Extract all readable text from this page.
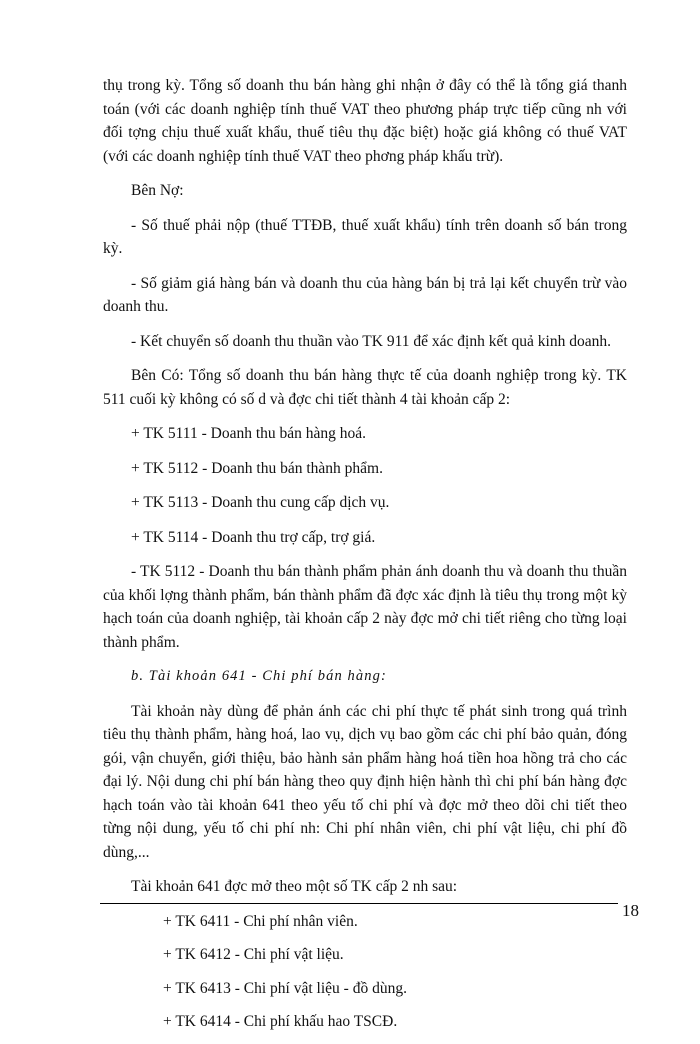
thụ trong kỳ. Tổng số doanh thu bán hàng ghi nhận ở đây có thể là tổng giá thanh toán (với các doanh nghiệp tính thuế VAT theo phương pháp trực tiếp cũng nh với đối tợng chịu thuế xuất khẩu, thuế tiêu thụ đặc biệt) hoặc giá không có thuế VAT (với các doanh nghiệp tính thuế VAT theo phơng pháp khấu trừ).

Bên Nợ:

- Số thuế phải nộp (thuế TTĐB, thuế xuất khẩu) tính trên doanh số bán trong kỳ.

- Số giảm giá hàng bán và doanh thu của hàng bán bị trả lại kết chuyển trừ vào doanh thu.

- Kết chuyển số doanh thu thuần vào TK 911 để xác định kết quả kinh doanh.

Bên Có: Tổng số doanh thu bán hàng thực tế của doanh nghiệp trong kỳ. TK 511 cuối kỳ không có số d và đợc chi tiết thành 4 tài khoản cấp 2:

+ TK 5111 - Doanh thu bán hàng hoá.

+ TK 5112 - Doanh thu bán thành phẩm.

+ TK 5113 - Doanh thu cung cấp dịch vụ.

+ TK 5114 - Doanh thu trợ cấp, trợ giá.

- TK 5112 - Doanh thu bán thành phẩm phản ánh doanh thu và doanh thu thuần của khối lợng thành phẩm, bán thành phẩm đã đợc xác định là tiêu thụ trong một kỳ hạch toán của doanh nghiệp, tài khoản cấp 2 này đợc mở chi tiết riêng cho từng loại thành phẩm.

b. Tài khoản 641 - Chi phí bán hàng:

Tài khoản này dùng để phản ánh các chi phí thực tế phát sinh trong quá trình tiêu thụ thành phẩm, hàng hoá, lao vụ, dịch vụ bao gồm các chi phí bảo quản, đóng gói, vận chuyển, giới thiệu, bảo hành sản phẩm hàng hoá tiền hoa hồng trả cho các đại lý. Nội dung chi phí bán hàng theo quy định hiện hành thì chi phí bán hàng đợc hạch toán vào tài khoản 641 theo yếu tố chi phí và đợc mở theo dõi chi tiết theo từng nội dung, yếu tố chi phí nh: Chi phí nhân viên, chi phí vật liệu, chi phí đồ dùng,...

Tài khoản 641 đợc mở theo một số TK cấp 2 nh sau:

+ TK 6411 - Chi phí nhân viên.

+ TK 6412 - Chi phí vật liệu.

+ TK 6413 - Chi phí vật liệu - đồ dùng.

+ TK 6414 - Chi phí khấu hao TSCĐ.

18
